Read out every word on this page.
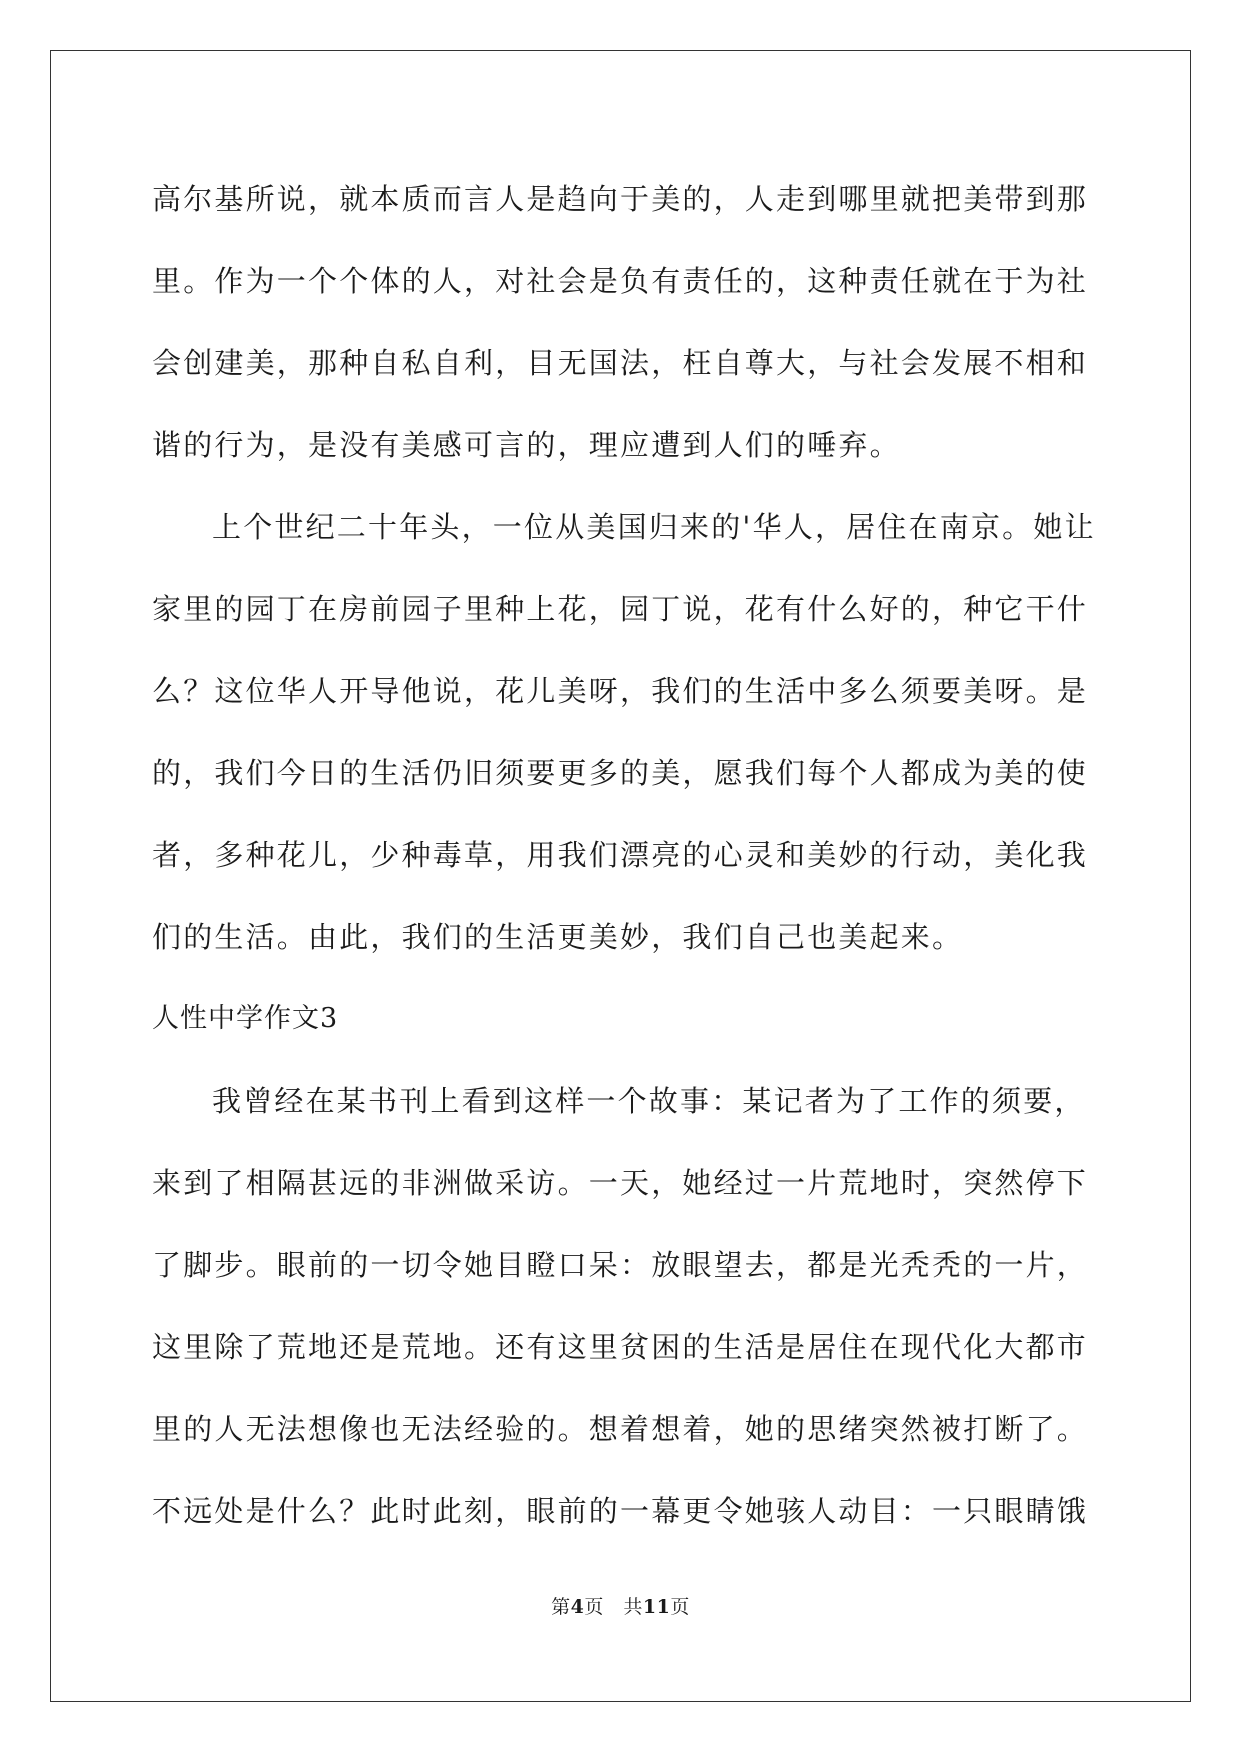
高尔基所说，就本质而言人是趋向于美的，人走到哪里就把美带到那
里。作为一个个体的人，对社会是负有责任的，这种责任就在于为社
会创建美，那种自私自利，目无国法，枉自尊大，与社会发展不相和
谐的行为，是没有美感可言的，理应遭到人们的唾弃。
上个世纪二十年头，一位从美国归来的'华人，居住在南京。她让
家里的园丁在房前园子里种上花，园丁说，花有什么好的，种它干什
么？这位华人开导他说，花儿美呀，我们的生活中多么须要美呀。是
的，我们今日的生活仍旧须要更多的美，愿我们每个人都成为美的使
者，多种花儿，少种毒草，用我们漂亮的心灵和美妙的行动，美化我
们的生活。由此，我们的生活更美妙，我们自己也美起来。
人性中学作文3
我曾经在某书刊上看到这样一个故事：某记者为了工作的须要，
来到了相隔甚远的非洲做采访。一天，她经过一片荒地时，突然停下
了脚步。眼前的一切令她目瞪口呆：放眼望去，都是光秃秃的一片，
这里除了荒地还是荒地。还有这里贫困的生活是居住在现代化大都市
里的人无法想像也无法经验的。想着想着，她的思绪突然被打断了。
不远处是什么？此时此刻，眼前的一幕更令她骇人动目：一只眼睛饿
第4页　共11页
